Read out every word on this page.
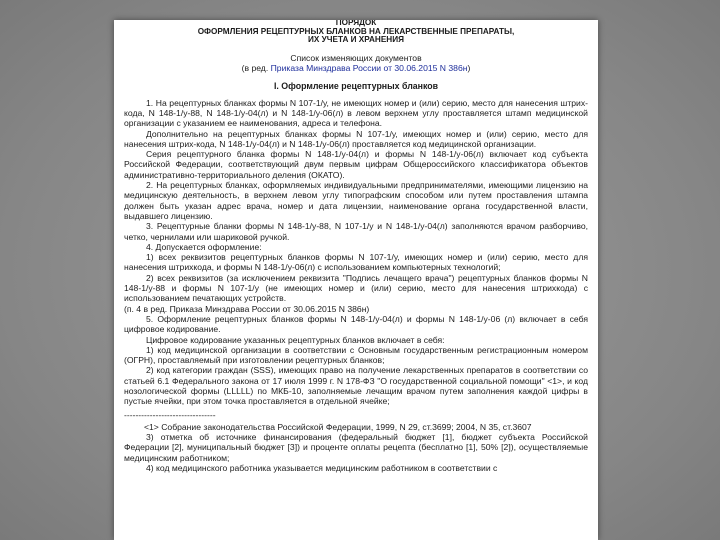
ПОРЯДОК
ОФОРМЛЕНИЯ РЕЦЕПТУРНЫХ БЛАНКОВ НА ЛЕКАРСТВЕННЫЕ ПРЕПАРАТЫ,
ИХ УЧЕТА И ХРАНЕНИЯ
Список изменяющих документов
(в ред. Приказа Минздрава России от 30.06.2015 N 386н)
I. Оформление рецептурных бланков

1. На рецептурных бланках формы N 107-1/у, не имеющих номер и (или) серию, место для нанесения штрих-кода, N 148-1/у-88, N 148-1/у-04(л) и N 148-1/у-06(л) в левом верхнем углу проставляется штамп медицинской организации с указанием ее наименования, адреса и телефона.

Дополнительно на рецептурных бланках формы N 107-1/у, имеющих номер и (или) серию, место для нанесения штрих-кода, N 148-1/у-04(л) и N 148-1/у-06(л) проставляется код медицинской организации.

Серия рецептурного бланка формы N 148-1/у-04(л) и формы N 148-1/у-06(л) включает код субъекта Российской Федерации, соответствующий двум первым цифрам Общероссийского классификатора объектов административно-территориального деления (ОКАТО).

2. На рецептурных бланках, оформляемых индивидуальными предпринимателями, имеющими лицензию на медицинскую деятельность, в верхнем левом углу типографским способом или путем проставления штампа должен быть указан адрес врача, номер и дата лицензии, наименование органа государственной власти, выдавшего лицензию.

3. Рецептурные бланки формы N 148-1/у-88, N 107-1/у и N 148-1/у-04(л) заполняются врачом разборчиво, четко, чернилами или шариковой ручкой.

4. Допускается оформление:

1) всех реквизитов рецептурных бланков формы N 107-1/у, имеющих номер и (или) серию, место для нанесения штрихкода, и формы N 148-1/у-06(л) с использованием компьютерных технологий;

2) всех реквизитов (за исключением реквизита "Подпись лечащего врача") рецептурных бланков формы N 148-1/у-88 и формы N 107-1/у (не имеющих номер и (или) серию, место для нанесения штрихкода) с использованием печатающих устройств.

(п. 4 в ред. Приказа Минздрава России от 30.06.2015 N 386н)

5. Оформление рецептурных бланков формы N 148-1/у-04(л) и формы N 148-1/у-06 (л) включает в себя цифровое кодирование.

Цифровое кодирование указанных рецептурных бланков включает в себя:

1) код медицинской организации в соответствии с Основным государственным регистрационным номером (ОГРН), проставляемый при изготовлении рецептурных бланков;

2) код категории граждан (SSS), имеющих право на получение лекарственных препаратов в соответствии со статьей 6.1 Федерального закона от 17 июля 1999 г. N 178-ФЗ "О государственной социальной помощи" <1>, и код нозологической формы (LLLLL) по МКБ-10, заполняемые лечащим врачом путем заполнения каждой цифры в пустые ячейки, при этом точка проставляется в отдельной ячейке;

--------------------------------

<1> Собрание законодательства Российской Федерации, 1999, N 29, ст.3699; 2004, N 35, ст.3607

3) отметка об источнике финансирования (федеральный бюджет [1], бюджет субъекта Российской Федерации [2], муниципальный бюджет [3]) и проценте оплаты рецепта (бесплатно [1], 50% [2]), осуществляемые медицинским работником;

4) код медицинского работника указывается медицинским работником в соответствии с
